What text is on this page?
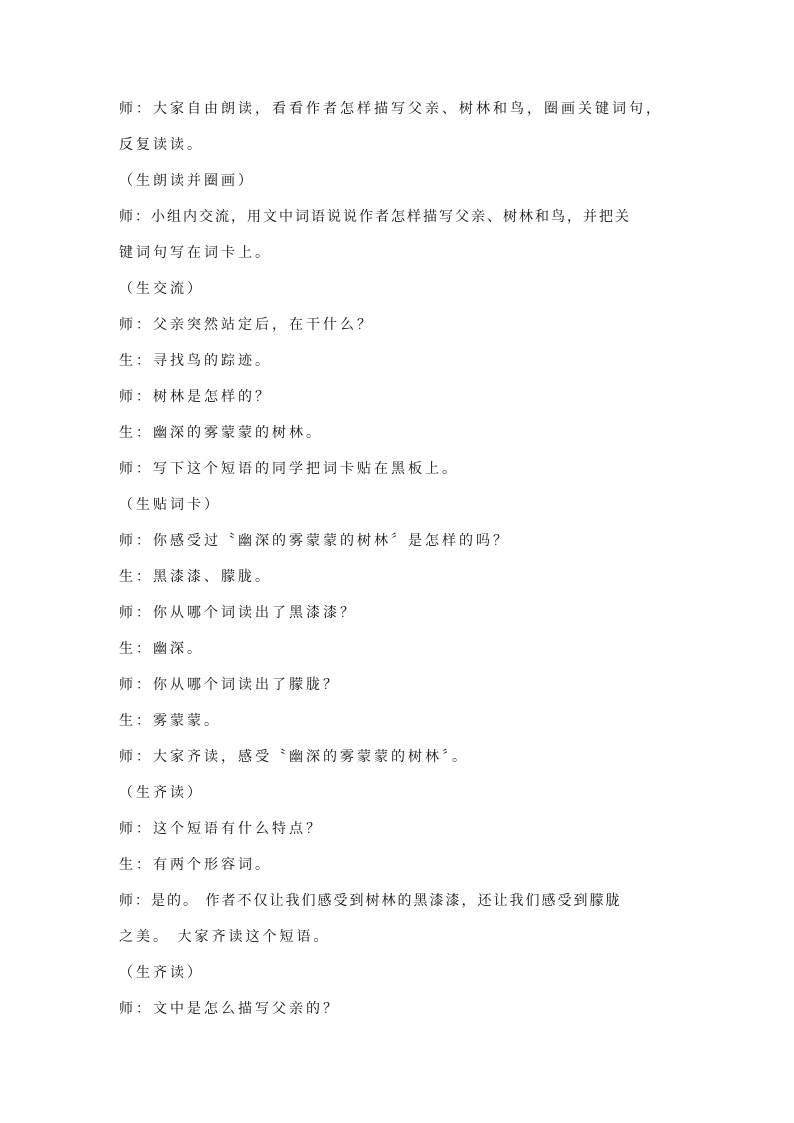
师：大家自由朗读，看看作者怎样描写父亲、树林和鸟，圈画关键词句，
反复读读。
（生朗读并圈画）
师：小组内交流，用文中词语说说作者怎样描写父亲、树林和鸟，并把关
键词句写在词卡上。
（生交流）
师：父亲突然站定后，在干什么？
生：寻找鸟的踪迹。
师：树林是怎样的？
生：幽深的雾蒙蒙的树林。
师：写下这个短语的同学把词卡贴在黑板上。
（生贴词卡）
师：你感受过〝幽深的雾蒙蒙的树林〞是怎样的吗？
生：黑漆漆、朦胧。
师：你从哪个词读出了黑漆漆？
生：幽深。
师：你从哪个词读出了朦胧？
生：雾蒙蒙。
师：大家齐读，感受〝幽深的雾蒙蒙的树林〞。
（生齐读）
师：这个短语有什么特点？
生：有两个形容词。
师：是的。 作者不仅让我们感受到树林的黑漆漆，还让我们感受到朦胧
之美。 大家齐读这个短语。
（生齐读）
师：文中是怎么描写父亲的？
